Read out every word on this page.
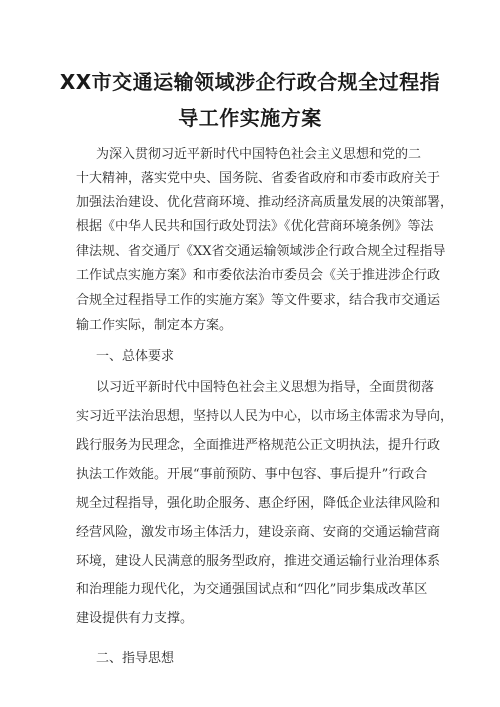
XX市交通运输领域涉企行政合规全过程指
导工作实施方案
为深入贯彻习近平新时代中国特色社会主义思想和党的二
十大精神，落实党中央、国务院、省委省政府和市委市政府关于
加强法治建设、优化营商环境、推动经济高质量发展的决策部署，
根据《中华人民共和国行政处罚法》《优化营商环境条例》等法
律法规、省交通厅《XX省交通运输领域涉企行政合规全过程指导
工作试点实施方案》和市委依法治市委员会《关于推进涉企行政
合规全过程指导工作的实施方案》等文件要求，结合我市交通运
输工作实际，制定本方案。
一、总体要求
以习近平新时代中国特色社会主义思想为指导，全面贯彻落
实习近平法治思想，坚持以人民为中心，以市场主体需求为导向，
践行服务为民理念，全面推进严格规范公正文明执法，提升行政
执法工作效能。开展“事前预防、事中包容、事后提升”行政合
规全过程指导，强化助企服务、惠企纾困，降低企业法律风险和
经营风险，激发市场主体活力，建设亲商、安商的交通运输营商
环境，建设人民满意的服务型政府，推进交通运输行业治理体系
和治理能力现代化，为交通强国试点和“四化”同步集成改革区
建设提供有力支撑。
二、指导思想
